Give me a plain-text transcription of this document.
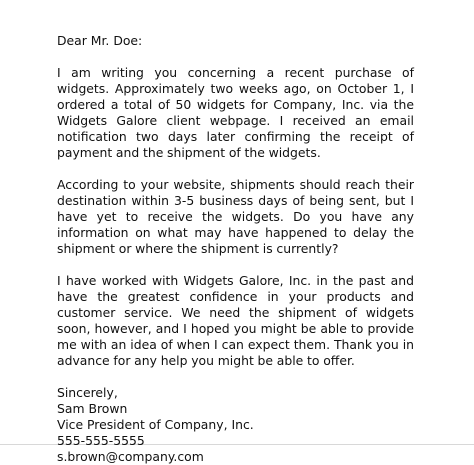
Dear Mr. Doe:
I am writing you concerning a recent purchase of widgets. Approximately two weeks ago, on October 1, I ordered a total of 50 widgets for Company, Inc. via the Widgets Galore client webpage. I received an email notification two days later confirming the receipt of payment and the shipment of the widgets.
According to your website, shipments should reach their destination within 3-5 business days of being sent, but I have yet to receive the widgets. Do you have any information on what may have happened to delay the shipment or where the shipment is currently?
I have worked with Widgets Galore, Inc. in the past and have the greatest confidence in your products and customer service. We need the shipment of widgets soon, however, and I hoped you might be able to provide me with an idea of when I can expect them. Thank you in advance for any help you might be able to offer.
Sincerely,
Sam Brown
Vice President of Company, Inc.
555-555-5555
s.brown@company.com
